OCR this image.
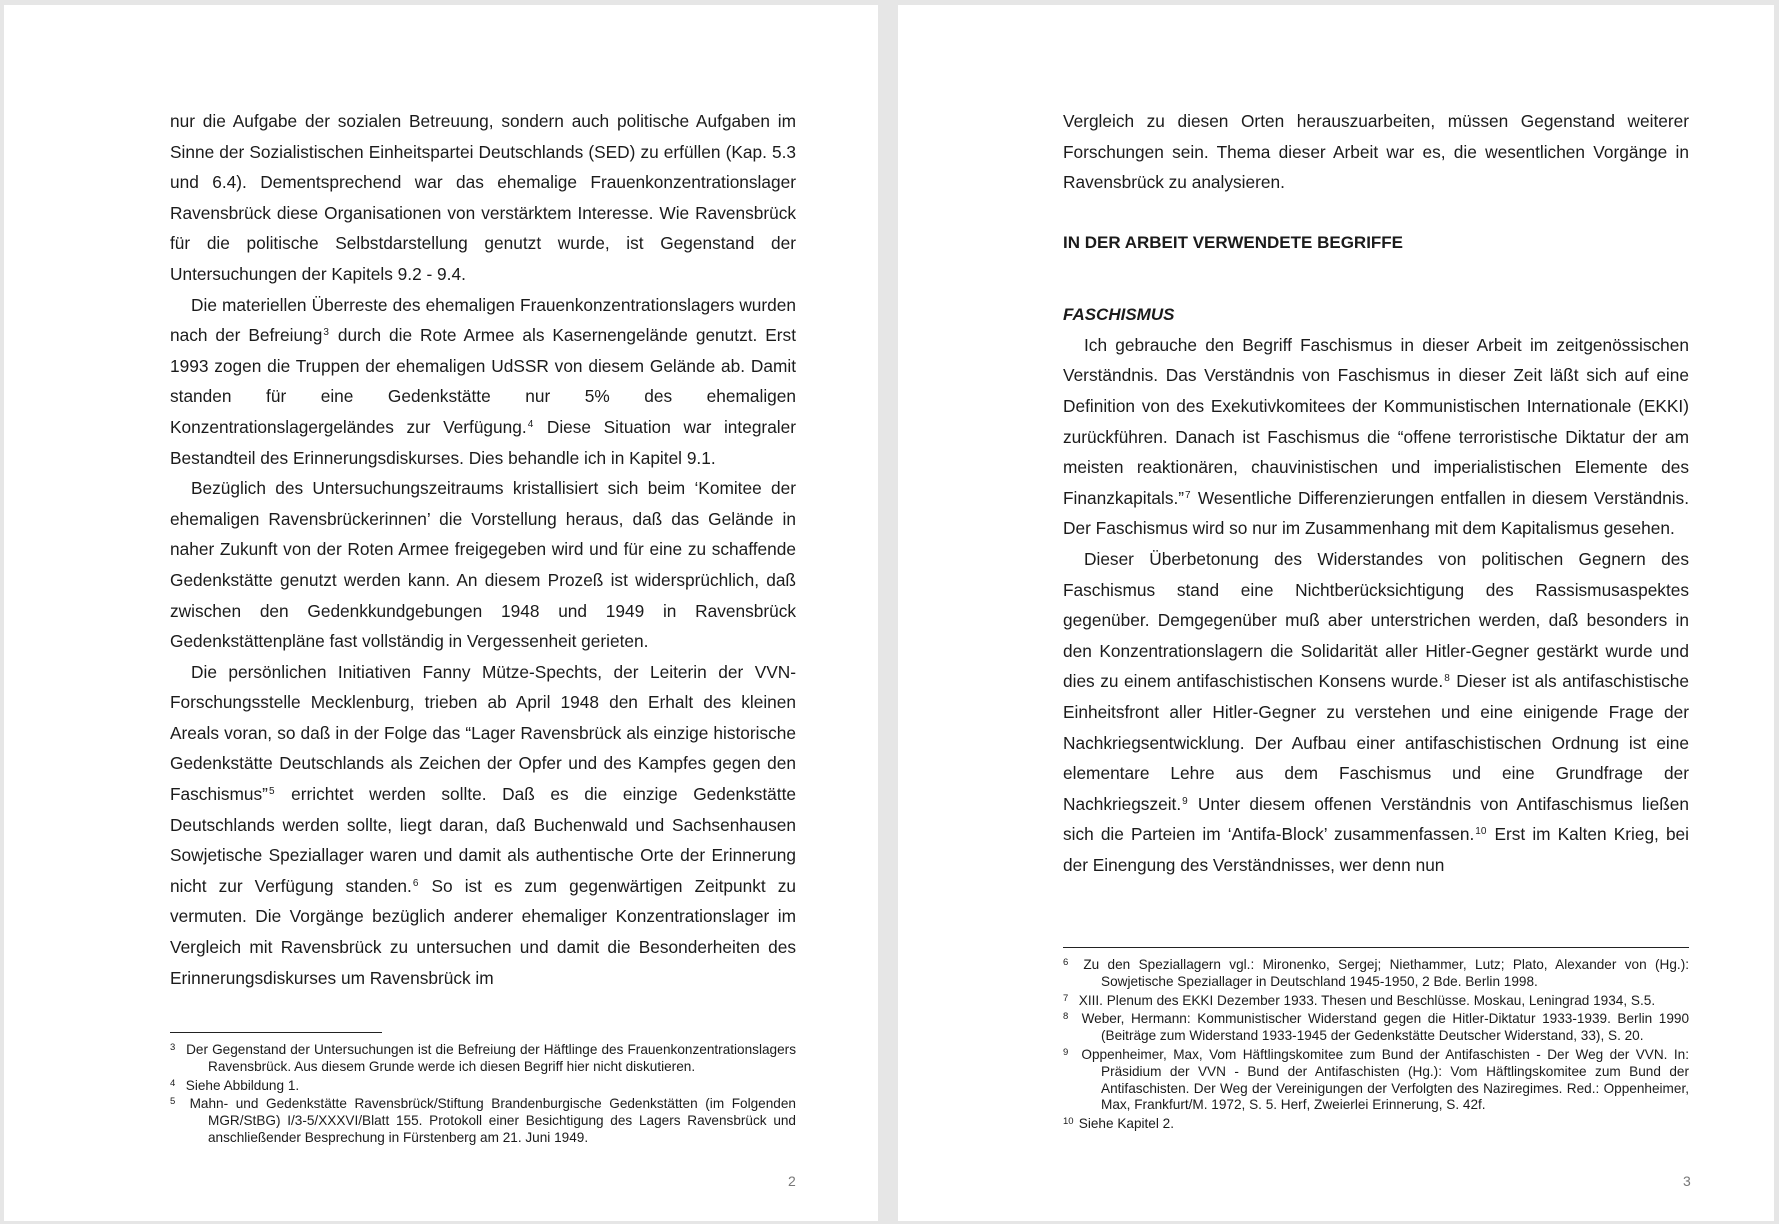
nur die Aufgabe der sozialen Betreuung, sondern auch politische Aufgaben im Sinne der Sozialistischen Einheitspartei Deutschlands (SED) zu erfüllen (Kap. 5.3 und 6.4). Dementsprechend war das ehemalige Frauenkonzentrationslager Ravensbrück diese Organisationen von verstärktem Interesse. Wie Ravensbrück für die politische Selbstdarstellung genutzt wurde, ist Gegenstand der Untersuchungen der Kapitels 9.2 - 9.4.

Die materiellen Überreste des ehemaligen Frauenkonzentrationslagers wurden nach der Befreiung$^3$ durch die Rote Armee als Kasernengelände genutzt. Erst 1993 zogen die Truppen der ehemaligen UdSSR von diesem Gelände ab. Damit standen für eine Gedenkstätte nur 5% des ehemaligen Konzentrationslagergeländes zur Verfügung.$^4$ Diese Situation war integraler Bestandteil des Erinnerungsdiskurses. Dies behandle ich in Kapitel 9.1.

Bezüglich des Untersuchungszeitraums kristallisiert sich beim ‘Komitee der ehemaligen Ravensbrückerinnen’ die Vorstellung heraus, daß das Gelände in naher Zukunft von der Roten Armee freigegeben wird und für eine zu schaffende Gedenkstätte genutzt werden kann. An diesem Prozeß ist widersprüchlich, daß zwischen den Gedenkkundgebungen 1948 und 1949 in Ravensbrück Gedenkstättenpläne fast vollständig in Vergessenheit gerieten.

Die persönlichen Initiativen Fanny Mütze-Spechts, der Leiterin der VVN-Forschungsstelle Mecklenburg, trieben ab April 1948 den Erhalt des kleinen Areals voran, so daß in der Folge das “Lager Ravensbrück als einzige historische Gedenkstätte Deutschlands als Zeichen der Opfer und des Kampfes gegen den Faschismus”$^5$ errichtet werden sollte. Daß es die einzige Gedenkstätte Deutschlands werden sollte, liegt daran, daß Buchenwald und Sachsenhausen Sowjetische Speziallager waren und damit als authentische Orte der Erinnerung nicht zur Verfügung standen.$^6$ So ist es zum gegenwärtigen Zeitpunkt zu vermuten. Die Vorgänge bezüglich anderer ehemaliger Konzentrationslager im Vergleich mit Ravensbrück zu untersuchen und damit die Besonderheiten des Erinnerungsdiskurses um Ravensbrück im

3 Der Gegenstand der Untersuchungen ist die Befreiung der Häftlinge des Frauenkonzentrationslagers Ravensbrück. Aus diesem Grunde werde ich diesen Begriff hier nicht diskutieren.
4 Siehe Abbildung 1.
5 Mahn- und Gedenkstätte Ravensbrück/Stiftung Brandenburgische Gedenkstätten (im Folgenden MGR/StBG) I/3-5/XXXVI/Blatt 155. Protokoll einer Besichtigung des Lagers Ravensbrück und anschließender Besprechung in Fürstenberg am 21. Juni 1949.
2

Vergleich zu diesen Orten herauszuarbeiten, müssen Gegenstand weiterer Forschungen sein. Thema dieser Arbeit war es, die wesentlichen Vorgänge in Ravensbrück zu analysieren.

IN DER ARBEIT VERWENDETE BEGRIFFE
FASCHISMUS

Ich gebrauche den Begriff Faschismus in dieser Arbeit im zeitgenössischen Verständnis. Das Verständnis von Faschismus in dieser Zeit läßt sich auf eine Definition von des Exekutivkomitees der Kommunistischen Internationale (EKKI) zurückführen. Danach ist Faschismus die “offene terroristische Diktatur der am meisten reaktionären, chauvinistischen und imperialistischen Elemente des Finanzkapitals.”$^7$ Wesentliche Differenzierungen entfallen in diesem Verständnis. Der Faschismus wird so nur im Zusammenhang mit dem Kapitalismus gesehen.

Dieser Überbetonung des Widerstandes von politischen Gegnern des Faschismus stand eine Nichtberücksichtigung des Rassismusaspektes gegenüber. Demgegenüber muß aber unterstrichen werden, daß besonders in den Konzentrationslagern die Solidarität aller Hitler-Gegner gestärkt wurde und dies zu einem antifaschistischen Konsens wurde.$^8$ Dieser ist als antifaschistische Einheitsfront aller Hitler-Gegner zu verstehen und eine einigende Frage der Nachkriegsentwicklung. Der Aufbau einer antifaschistischen Ordnung ist eine elementare Lehre aus dem Faschismus und eine Grundfrage der Nachkriegszeit.$^9$ Unter diesem offenen Verständnis von Antifaschismus ließen sich die Parteien im ‘Antifa-Block’ zusammenfassen.$^{10}$ Erst im Kalten Krieg, bei der Einengung des Verständnisses, wer denn nun

6 Zu den Speziallagern vgl.: Mironenko, Sergej; Niethammer, Lutz; Plato, Alexander von (Hg.): Sowjetische Speziallager in Deutschland 1945-1950, 2 Bde. Berlin 1998.
7 XIII. Plenum des EKKI Dezember 1933. Thesen und Beschlüsse. Moskau, Leningrad 1934, S.5.
8 Weber, Hermann: Kommunistischer Widerstand gegen die Hitler-Diktatur 1933-1939. Berlin 1990 (Beiträge zum Widerstand 1933-1945 der Gedenkstätte Deutscher Widerstand, 33), S. 20.
9 Oppenheimer, Max, Vom Häftlingskomitee zum Bund der Antifaschisten - Der Weg der VVN. In: Präsidium der VVN - Bund der Antifaschisten (Hg.): Vom Häftlingskomitee zum Bund der Antifaschisten. Der Weg der Vereinigungen der Verfolgten des Naziregimes. Red.: Oppenheimer, Max, Frankfurt/M. 1972, S. 5. Herf, Zweierlei Erinnerung, S. 42f.
10 Siehe Kapitel 2.
3
